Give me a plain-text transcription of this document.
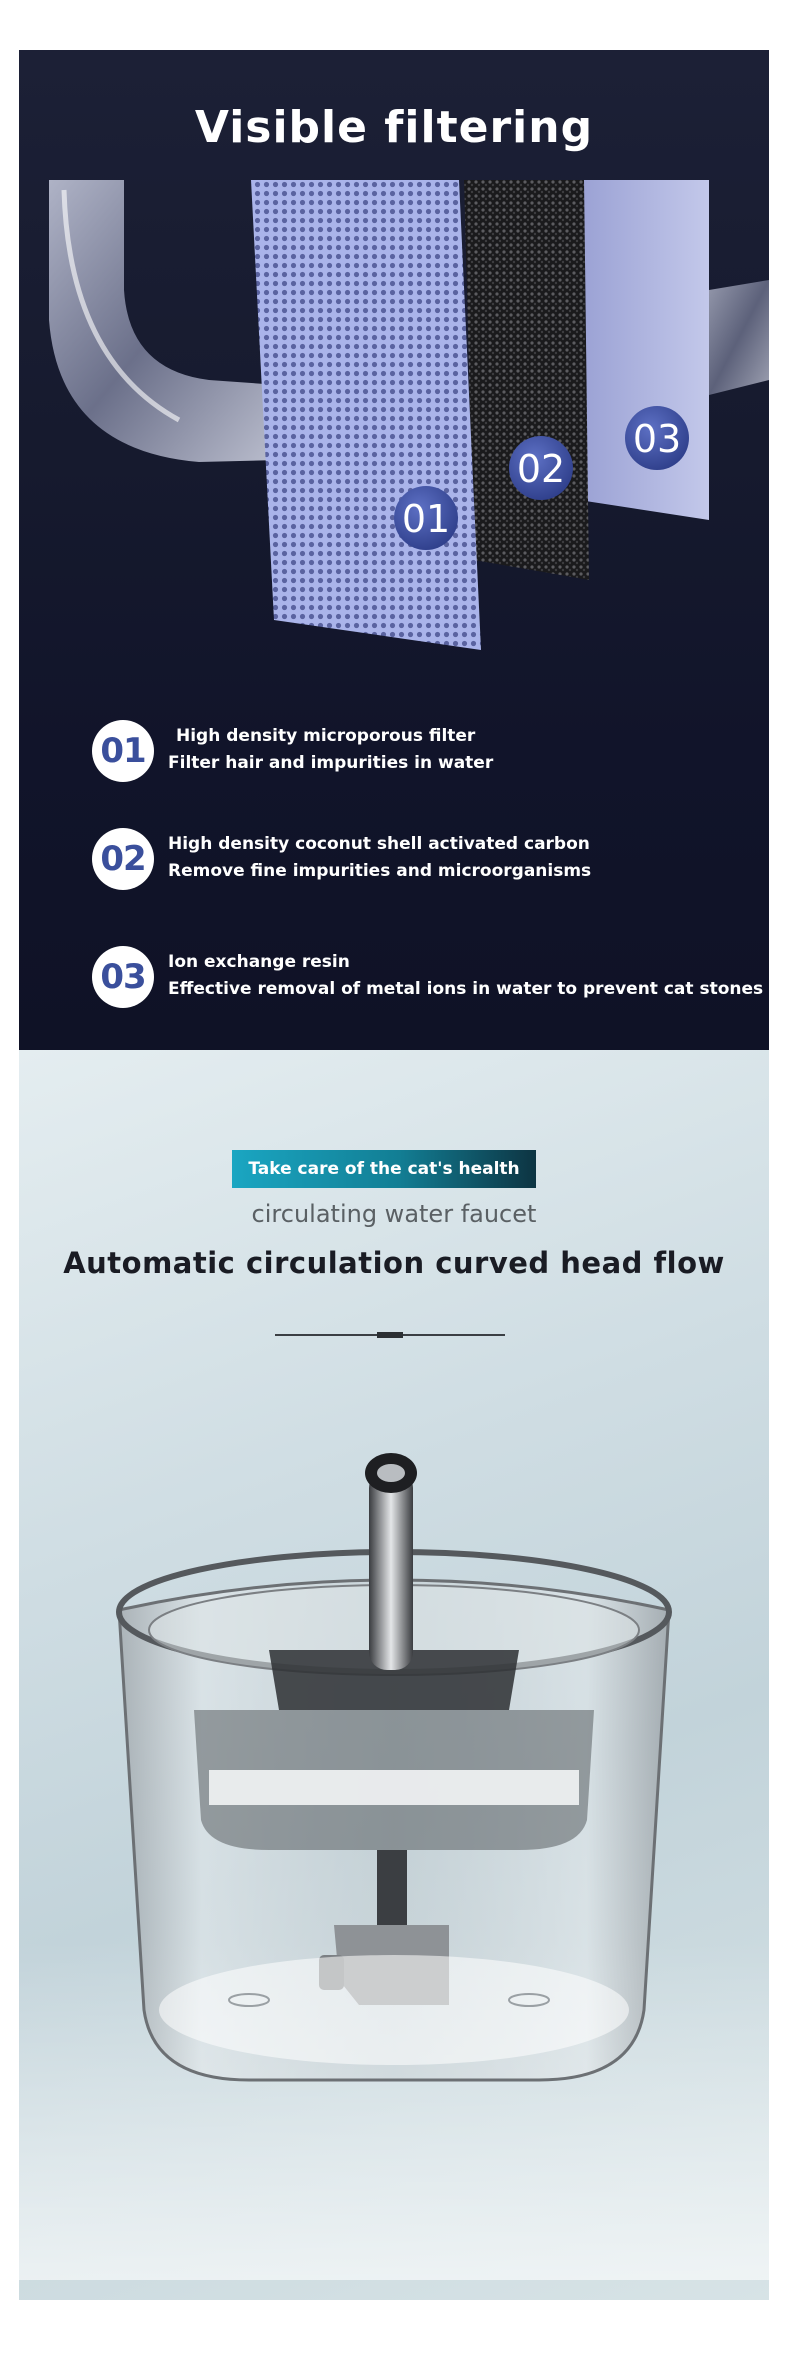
Visible filtering
01
02
03
01	High density microporous filter
Filter hair and impurities in water
02	High density coconut shell activated carbon
Remove fine impurities and microorganisms
03	Ion exchange resin
Effective removal of metal ions in water to prevent cat stones
Take care of the cat's health
circulating water faucet
Automatic circulation curved head flow
